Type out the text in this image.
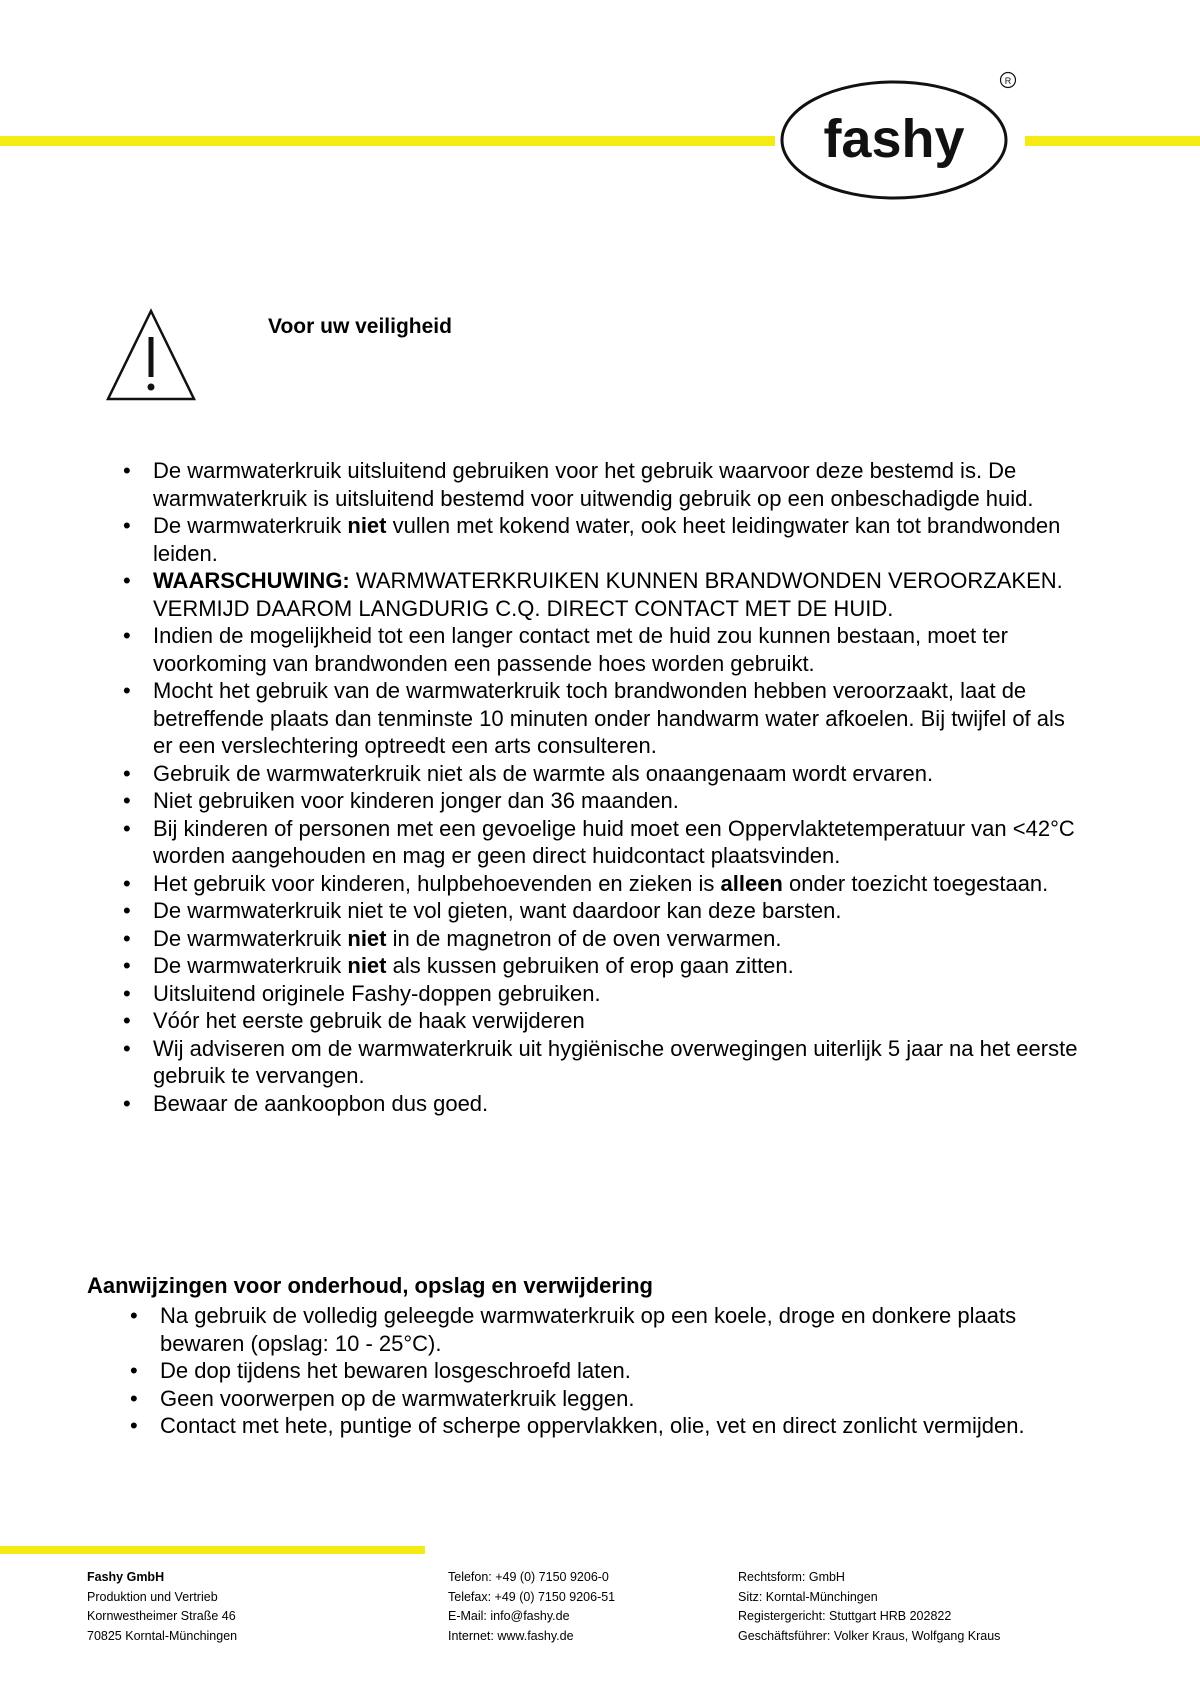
fashy
R
Voor uw veiligheid
• De warmwaterkruik uitsluitend gebruiken voor het gebruik waarvoor deze bestemd is. De warmwaterkruik is uitsluitend bestemd voor uitwendig gebruik op een onbeschadigde huid.
• De warmwaterkruik niet vullen met kokend water, ook heet leidingwater kan tot brandwonden leiden.
• WAARSCHUWING: WARMWATERKRUIKEN KUNNEN BRANDWONDEN VEROORZAKEN. VERMIJD DAAROM LANGDURIG C.Q. DIRECT CONTACT MET DE HUID.
• Indien de mogelijkheid tot een langer contact met de huid zou kunnen bestaan, moet ter voorkoming van brandwonden een passende hoes worden gebruikt.
• Mocht het gebruik van de warmwaterkruik toch brandwonden hebben veroorzaakt, laat de betreffende plaats dan tenminste 10 minuten onder handwarm water afkoelen. Bij twijfel of als er een verslechtering optreedt een arts consulteren.
• Gebruik de warmwaterkruik niet als de warmte als onaangenaam wordt ervaren.
• Niet gebruiken voor kinderen jonger dan 36 maanden.
• Bij kinderen of personen met een gevoelige huid moet een Oppervlaktetemperatuur van <42°C worden aangehouden en mag er geen direct huidcontact plaatsvinden.
• Het gebruik voor kinderen, hulpbehoevenden en zieken is alleen onder toezicht toegestaan.
• De warmwaterkruik niet te vol gieten, want daardoor kan deze barsten.
• De warmwaterkruik niet in de magnetron of de oven verwarmen.
• De warmwaterkruik niet als kussen gebruiken of erop gaan zitten.
• Uitsluitend originele Fashy-doppen gebruiken.
• Vóór het eerste gebruik de haak verwijderen
• Wij adviseren om de warmwaterkruik uit hygiënische overwegingen uiterlijk 5 jaar na het eerste gebruik te vervangen.
• Bewaar de aankoopbon dus goed.
Aanwijzingen voor onderhoud, opslag en verwijdering
• Na gebruik de volledig geleegde warmwaterkruik op een koele, droge en donkere plaats bewaren (opslag: 10 - 25°C).
• De dop tijdens het bewaren losgeschroefd laten.
• Geen voorwerpen op de warmwaterkruik leggen.
• Contact met hete, puntige of scherpe oppervlakken, olie, vet en direct zonlicht vermijden.
Fashy GmbH
Produktion und Vertrieb
Kornwestheimer Straße 46
70825 Korntal-Münchingen
Telefon: +49 (0) 7150 9206-0
Telefax: +49 (0) 7150 9206-51
E-Mail: info@fashy.de
Internet: www.fashy.de
Rechtsform: GmbH
Sitz: Korntal-Münchingen
Registergericht: Stuttgart HRB 202822
Geschäftsführer: Volker Kraus, Wolfgang Kraus
